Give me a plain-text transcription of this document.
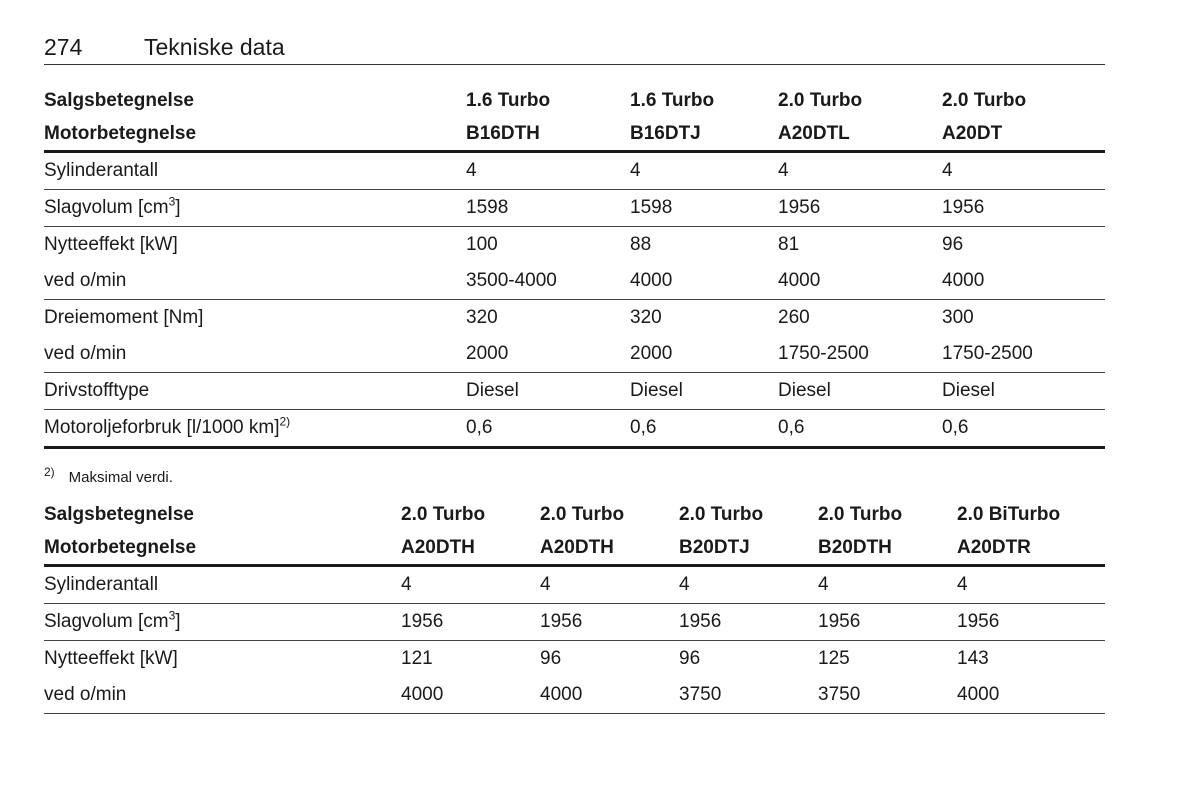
274	Tekniske data
Salgsbetegnelse	1.6 Turbo	1.6 Turbo	2.0 Turbo	2.0 Turbo
Motorbetegnelse	B16DTH	B16DTJ	A20DTL	A20DT
Sylinderantall	4	4	4	4
Slagvolum $[cm^3]$	1598	1598	1956	1956
Nytteeffekt [kW]	100	88	81	96
ved o/min	3500-4000	4000	4000	4000
Dreiemoment [Nm]	320	320	260	300
ved o/min	2000	2000	1750-2500	1750-2500
Drivstofftype	Diesel	Diesel	Diesel	Diesel
Motoroljeforbruk [l/1000 km]$^{2)}$	0,6	0,6	0,6	0,6
$^{2)}$ Maksimal verdi.
Salgsbetegnelse	2.0 Turbo	2.0 Turbo	2.0 Turbo	2.0 Turbo	2.0 BiTurbo
Motorbetegnelse	A20DTH	A20DTH	B20DTJ	B20DTH	A20DTR
Sylinderantall	4	4	4	4	4
Slagvolum $[cm^3]$	1956	1956	1956	1956	1956
Nytteeffekt [kW]	121	96	96	125	143
ved o/min	4000	4000	3750	3750	4000
